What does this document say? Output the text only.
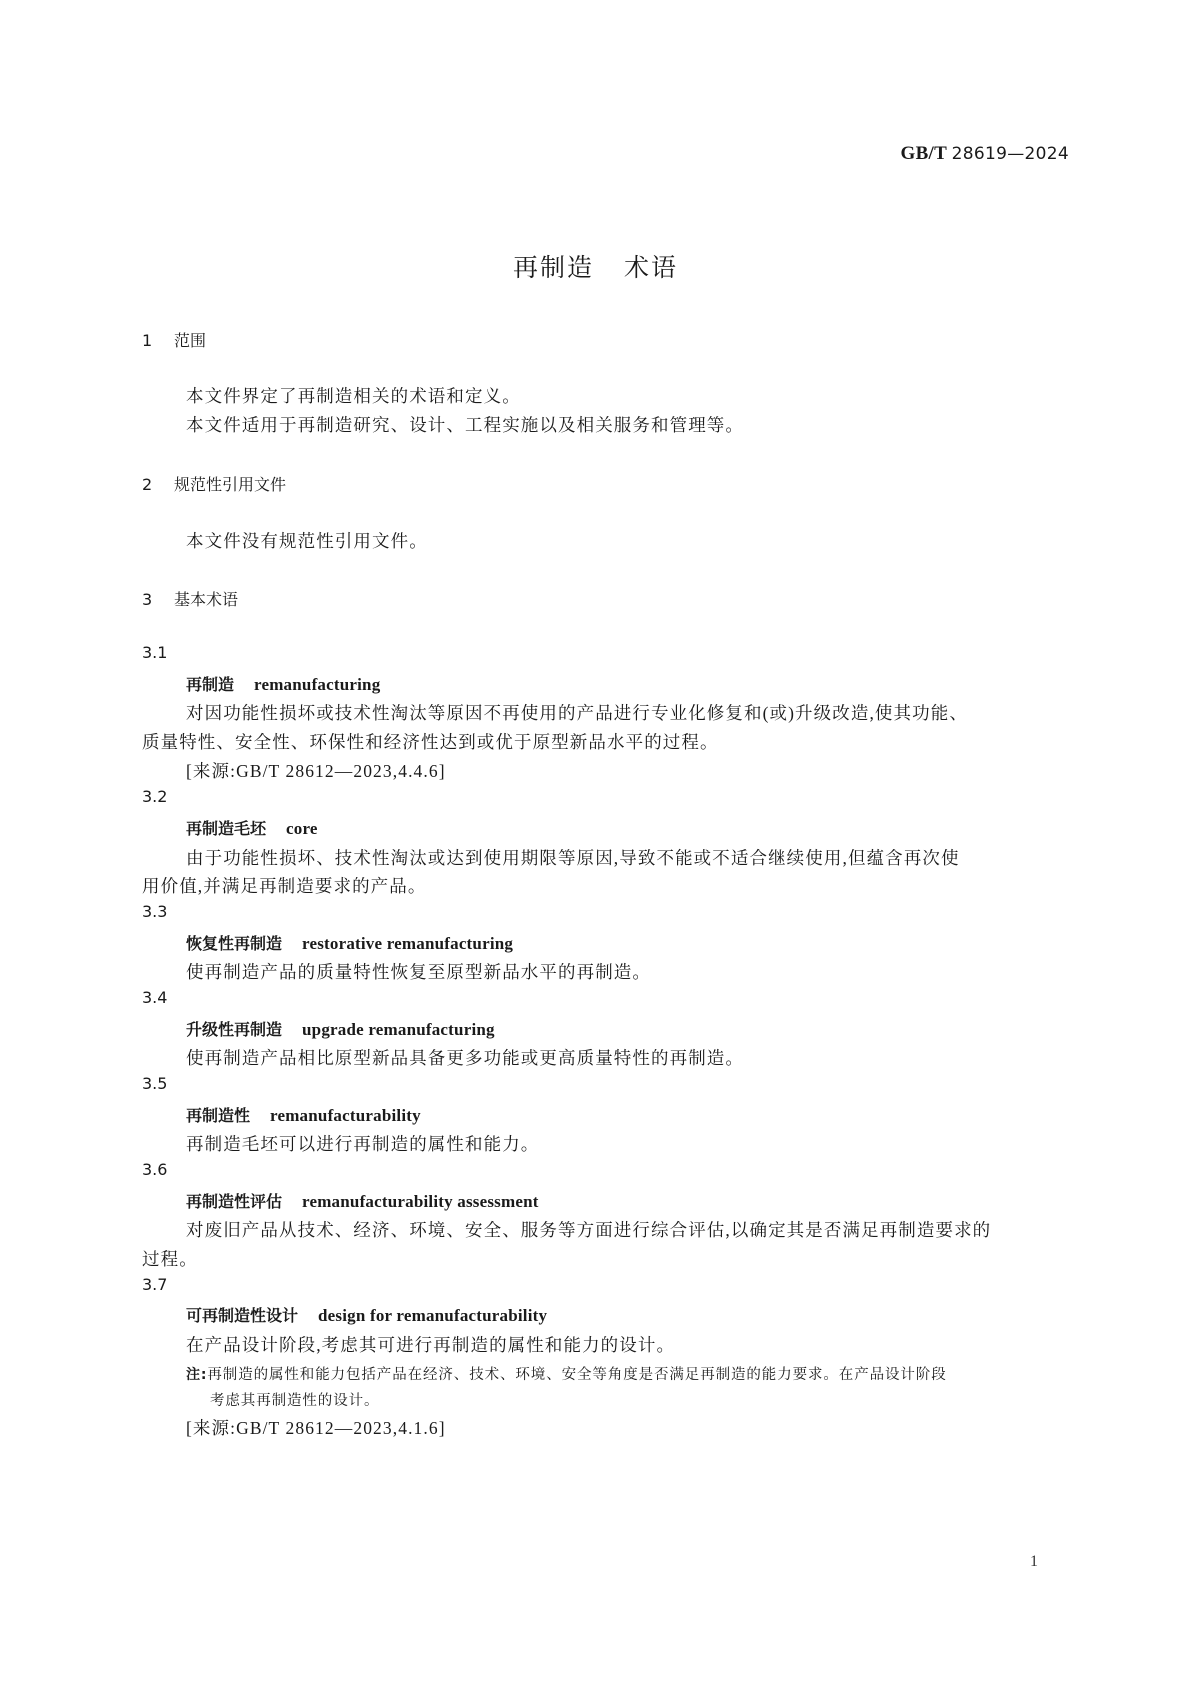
GB/T 28619—2024
再制造 术语
1 范围
本文件界定了再制造相关的术语和定义。
本文件适用于再制造研究、设计、工程实施以及相关服务和管理等。
2 规范性引用文件
本文件没有规范性引用文件。
3 基本术语
3.1
再制造 remanufacturing
对因功能性损坏或技术性淘汰等原因不再使用的产品进行专业化修复和(或)升级改造,使其功能、
质量特性、安全性、环保性和经济性达到或优于原型新品水平的过程。
[来源:GB/T 28612—2023,4.4.6]
3.2
再制造毛坯 core
由于功能性损坏、技术性淘汰或达到使用期限等原因,导致不能或不适合继续使用,但蕴含再次使
用价值,并满足再制造要求的产品。
3.3
恢复性再制造 restorative remanufacturing
使再制造产品的质量特性恢复至原型新品水平的再制造。
3.4
升级性再制造 upgrade remanufacturing
使再制造产品相比原型新品具备更多功能或更高质量特性的再制造。
3.5
再制造性 remanufacturability
再制造毛坯可以进行再制造的属性和能力。
3.6
再制造性评估 remanufacturability assessment
对废旧产品从技术、经济、环境、安全、服务等方面进行综合评估,以确定其是否满足再制造要求的
过程。
3.7
可再制造性设计 design for remanufacturability
在产品设计阶段,考虑其可进行再制造的属性和能力的设计。
注:再制造的属性和能力包括产品在经济、技术、环境、安全等角度是否满足再制造的能力要求。在产品设计阶段
考虑其再制造性的设计。
[来源:GB/T 28612—2023,4.1.6]
1
